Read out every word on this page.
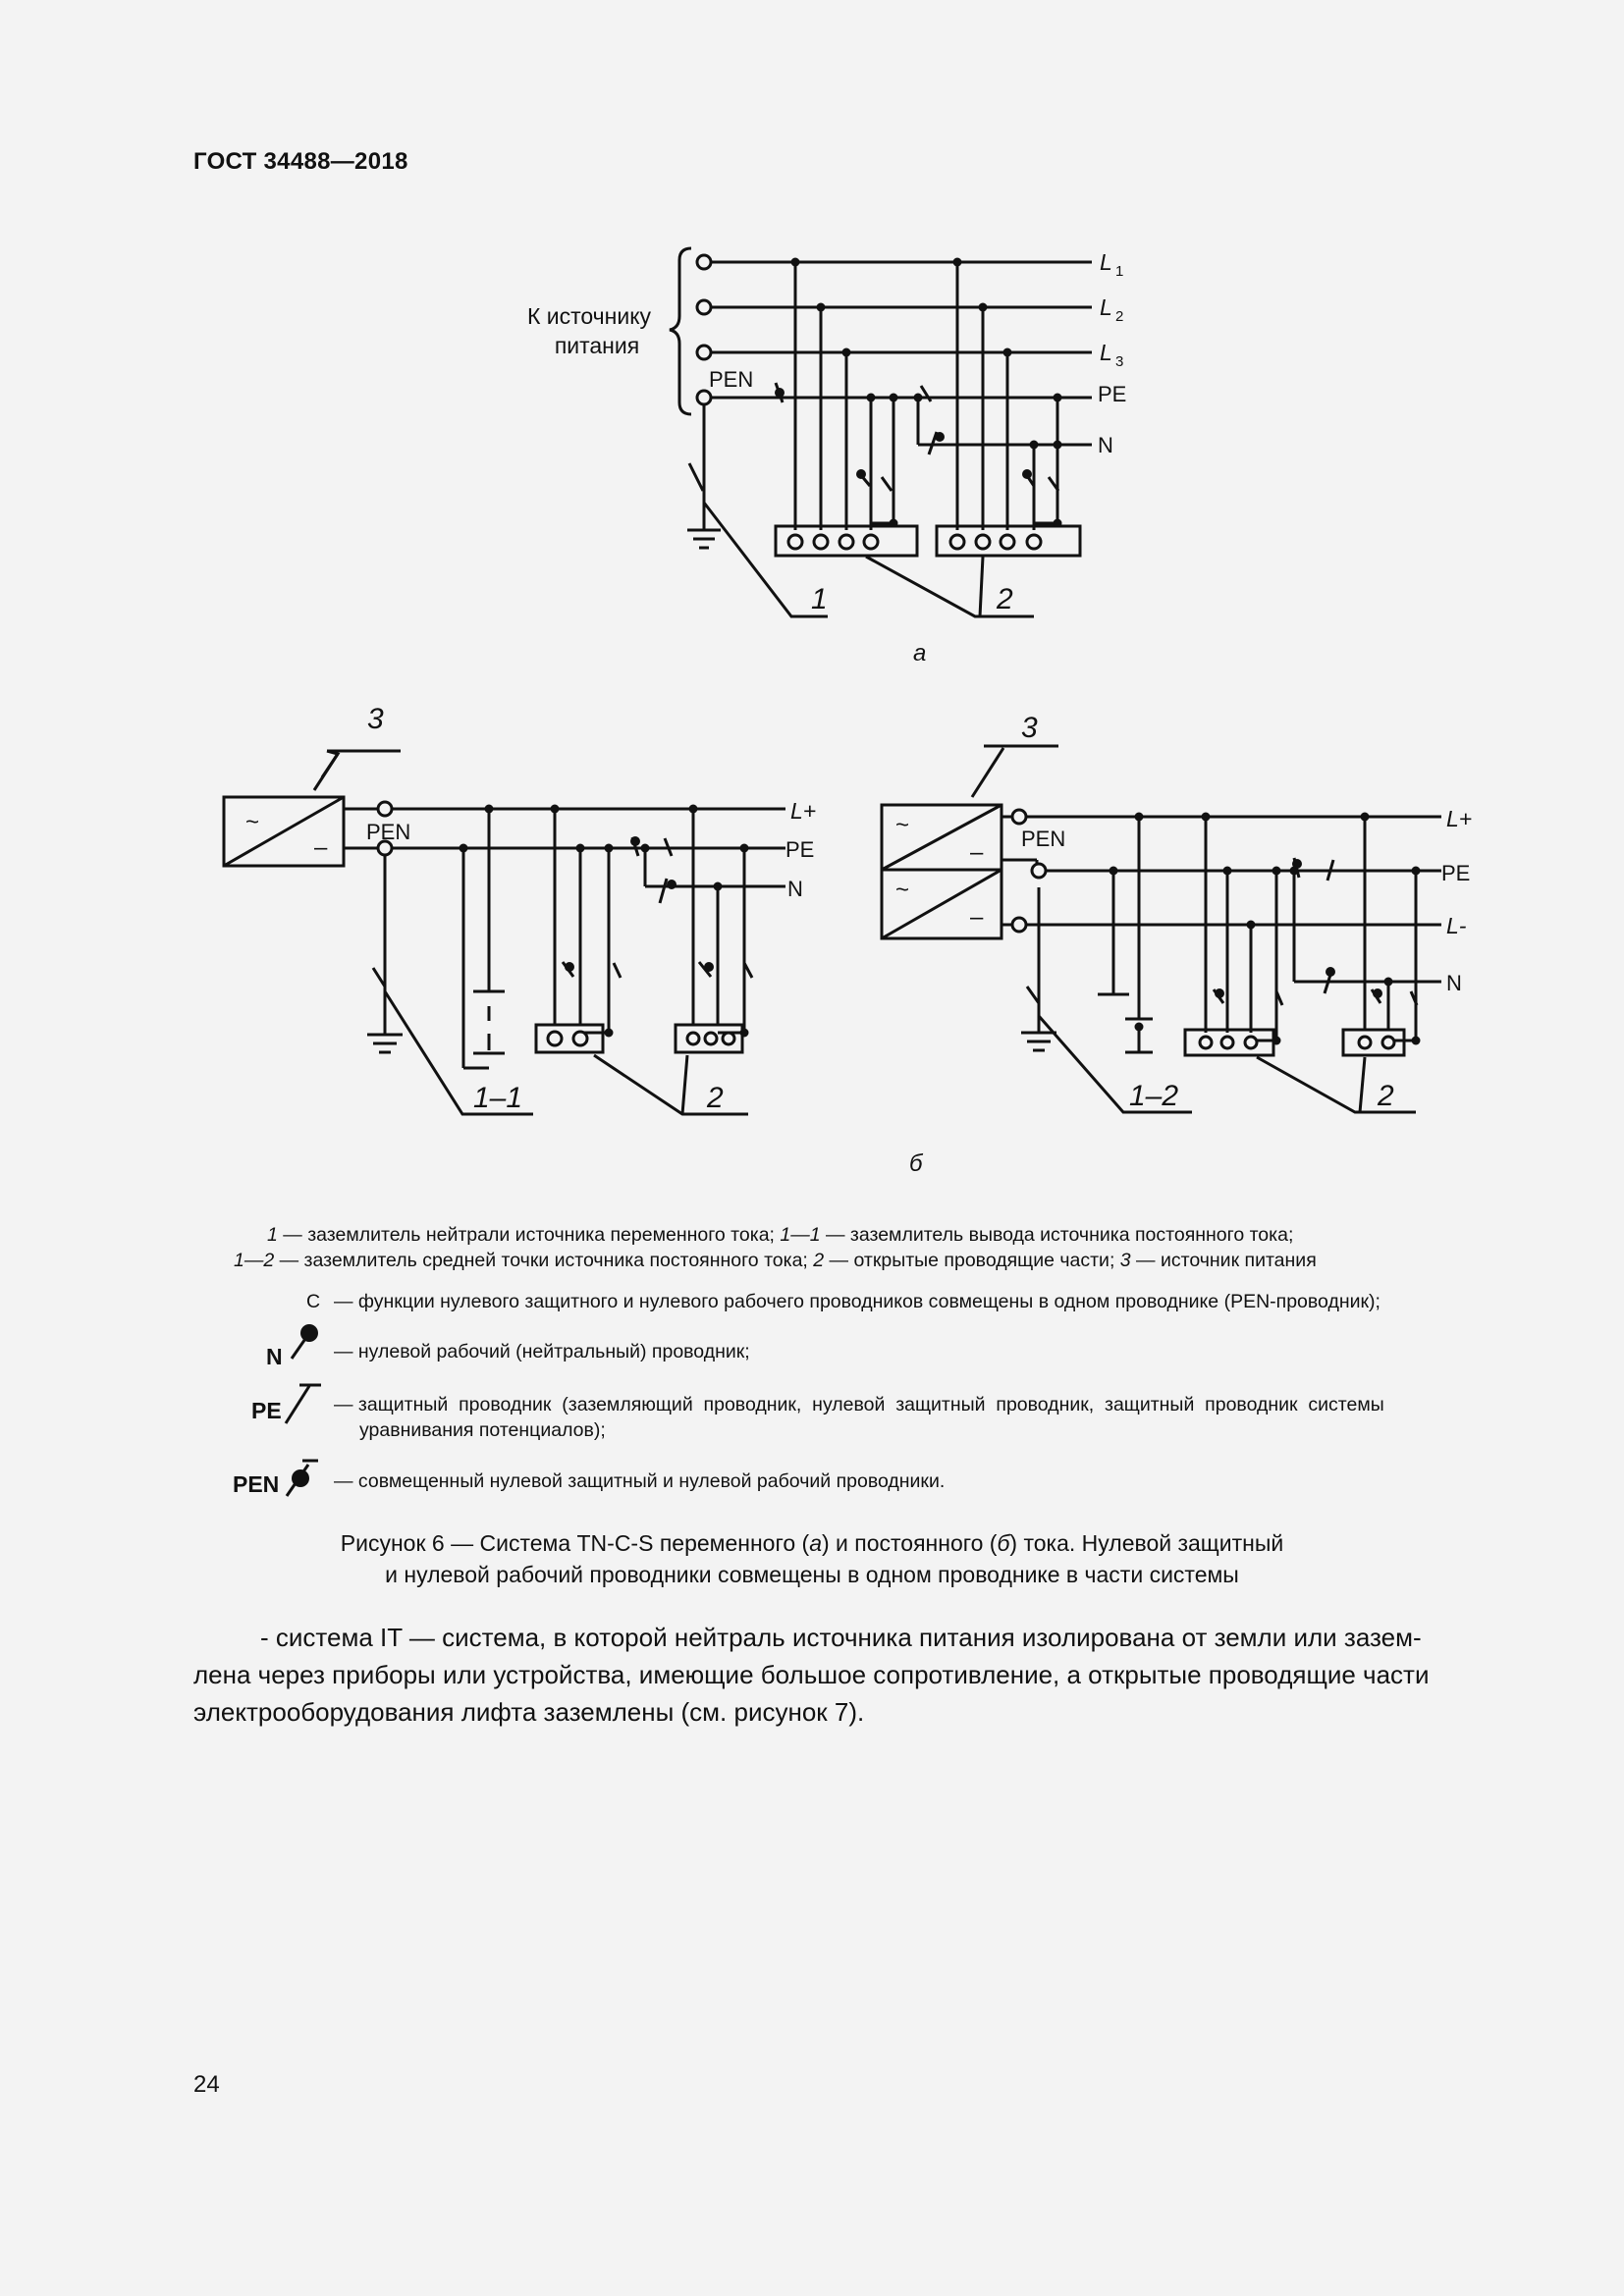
ГОСТ 34488—2018
К источнику
питания
PEN
L 1
L 2
L 3
PE
N
1	2
а
~
–
PEN
L+
PE
N
3
1–1	2
~
–
~
–
PEN
L+
PE
L-
N
3
1–2	2
б
1 — заземлитель нейтрали источника переменного тока; 1—1 — заземлитель вывода источника постоянного тока;
1—2 — заземлитель средней точки источника постоянного тока; 2 — открытые проводящие части; 3 — источник питания
С — функции нулевого защитного и нулевого рабочего проводников совмещены в одном проводнике (PEN-проводник);
N	— нулевой рабочий (нейтральный) проводник;
PE	— защитный  проводник  (заземляющий  проводник,  нулевой  защитный  проводник,  защитный  проводник  системы
уравнивания потенциалов);
PEN	— совмещенный нулевой защитный и нулевой рабочий проводники.
Рисунок 6 — Система TN-C-S переменного (а) и постоянного (б) тока. Нулевой защитный
и нулевой рабочий проводники совмещены в одном проводнике в части системы
- система IT — система, в которой нейтраль источника питания изолирована от земли или зазем-
лена через приборы или устройства, имеющие большое сопротивление, а открытые проводящие части
электрооборудования лифта заземлены (см. рисунок 7).
24
